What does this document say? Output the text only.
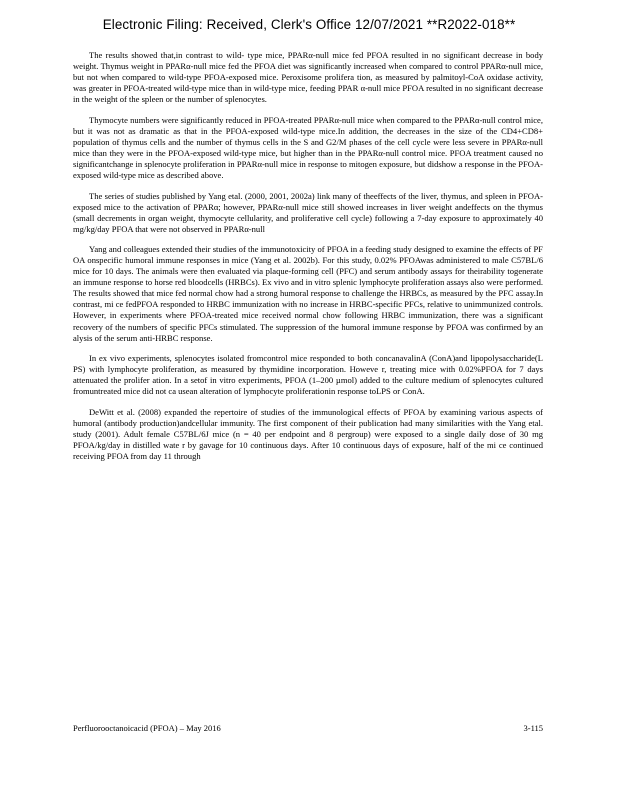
Electronic Filing: Received, Clerk's Office 12/07/2021 **R2022-018**

The results showed that,in contrast to wild- type mice, PPARα-null mice fed PFOA resulted in no significant decrease in body weight. Thymus weight in PPARα-null mice fed the PFOA diet was significantly increased when compared to control PPARα-null mice, but not when compared to wild-type PFOA-exposed mice. Peroxisome prolifera tion, as measured by palmitoyl-CoA oxidase activity, was greater in PFOA-treated wild-type mice than in wild-type mice, feeding PPAR α-null mice PFOA resulted in no significant decrease in the weight of the spleen or the number of splenocytes.

Thymocyte numbers were significantly reduced in PFOA-treated PPARα-null mice when compared to the PPARα-null control mice, but it was not as dramatic as that in the PFOA-exposed wild-type mice.In addition, the decreases in the size of the CD4+CD8+ population of thymus cells and the number of thymus cells in the S and G2/M phases of the cell cycle were less severe in PPARα-null mice than they were in the PFOA-exposed wild-type mice, but higher than in the PPARα-null control mice. PFOA treatment caused no significantchange in splenocyte proliferation in PPARα-null mice in response to mitogen exposure, but didshow a response in the PFOA-exposed wild-type mice as described above.

The series of studies published by Yang etal. (2000, 2001, 2002a) link many of theeffects of the liver, thymus, and spleen in PFOA- exposed mice to the activation of PPARα; however, PPARα-null mice still showed increases in liver weight andeffects on the thymus (small decrements in organ weight, thymocyte cellularity, and proliferative cell cycle) following a 7-day exposure to approximately 40 mg/kg/day PFOA that were not observed in PPARα-null

Yang and colleagues extended their studies of the immunotoxicity of PFOA in a feeding study designed to examine the effects of PF OA onspecific humoral immune responses in mice (Yang et al. 2002b). For this study, 0.02% PFOAwas administered to male C57BL/6 mice for 10 days. The animals were then evaluated via plaque-forming cell (PFC) and serum antibody assays for theirability togenerate an immune response to horse red bloodcells (HRBCs). Ex vivo and in vitro splenic lymphocyte proliferation assays also were performed. The results showed that mice fed normal chow had a strong humoral response to challenge the HRBCs, as measured by the PFC assay.In contrast, mi ce fedPFOA responded to HRBC immunization with no increase in HRBC-specific PFCs, relative to unimmunized controls. However, in experiments where PFOA-treated mice received normal chow following HRBC immunization, there was a significant recovery of the numbers of specific PFCs stimulated. The suppression of the humoral immune response by PFOA was confirmed by an alysis of the serum anti-HRBC response.

In ex vivo experiments, splenocytes isolated fromcontrol mice responded to both concanavalinA (ConA)and lipopolysaccharide(L PS) with lymphocyte proliferation, as measured by thymidine incorporation. Howeve r, treating mice with 0.02%PFOA for 7 days attenuated the prolifer ation. In a setof in vitro experiments, PFOA (1–200 µmol) added to the culture medium of splenocytes cultured fromuntreated mice did not ca usean alteration of lymphocyte proliferationin response toLPS or ConA.

DeWitt et al. (2008) expanded the repertoire of studies of the immunological effects of PFOA by examining various aspects of humoral (antibody production)andcellular immunity. The first component of their publication had many similarities with the Yang etal. study (2001). Adult female C57BL/6J mice (n = 40 per endpoint and 8 pergroup) were exposed to a single daily dose of 30 mg PFOA/kg/day in distilled wate r by gavage for 10 continuous days. After 10 continuous days of exposure, half of the mi ce continued receiving PFOA from day 11 through

Perfluorooctanoicacid (PFOA) – May 2016	3-115
